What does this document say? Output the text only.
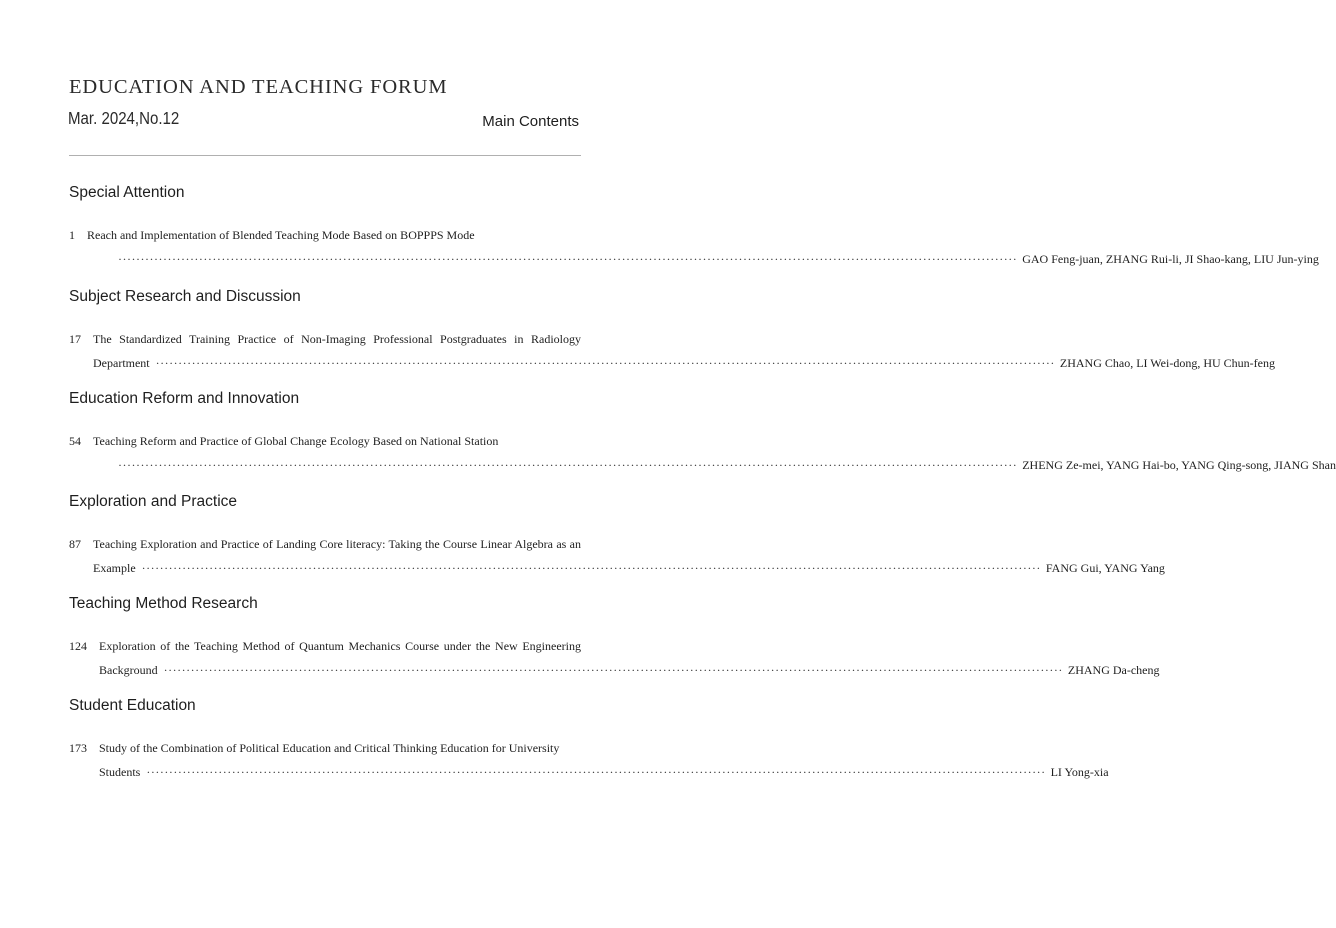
EDUCATION AND TEACHING FORUM
Mar. 2024,No.12	Main Contents
Special Attention
1 Reach and Implementation of Blended Teaching Mode Based on BOPPPS Mode
········································································································································································································ GAO Feng-juan, ZHANG Rui-li, JI Shao-kang, LIU Jun-ying
Subject Research and Discussion
17 The Standardized Training Practice of Non-Imaging Professional Postgraduates in Radiology
Department ········································································································································································································ ZHANG Chao, LI Wei-dong, HU Chun-feng
Education Reform and Innovation
54 Teaching Reform and Practice of Global Change Ecology Based on National Station
········································································································································································································ ZHENG Ze-mei, YANG Hai-bo, YANG Qing-song, JIANG Shan
Exploration and Practice
87 Teaching Exploration and Practice of Landing Core literacy: Taking the Course Linear Algebra as an
Example ········································································································································································································ FANG Gui, YANG Yang
Teaching Method Research
124 Exploration of the Teaching Method of Quantum Mechanics Course under the New Engineering
Background ········································································································································································································ ZHANG Da-cheng
Student Education
173 Study of the Combination of Political Education and Critical Thinking Education for University
Students ········································································································································································································ LI Yong-xia
